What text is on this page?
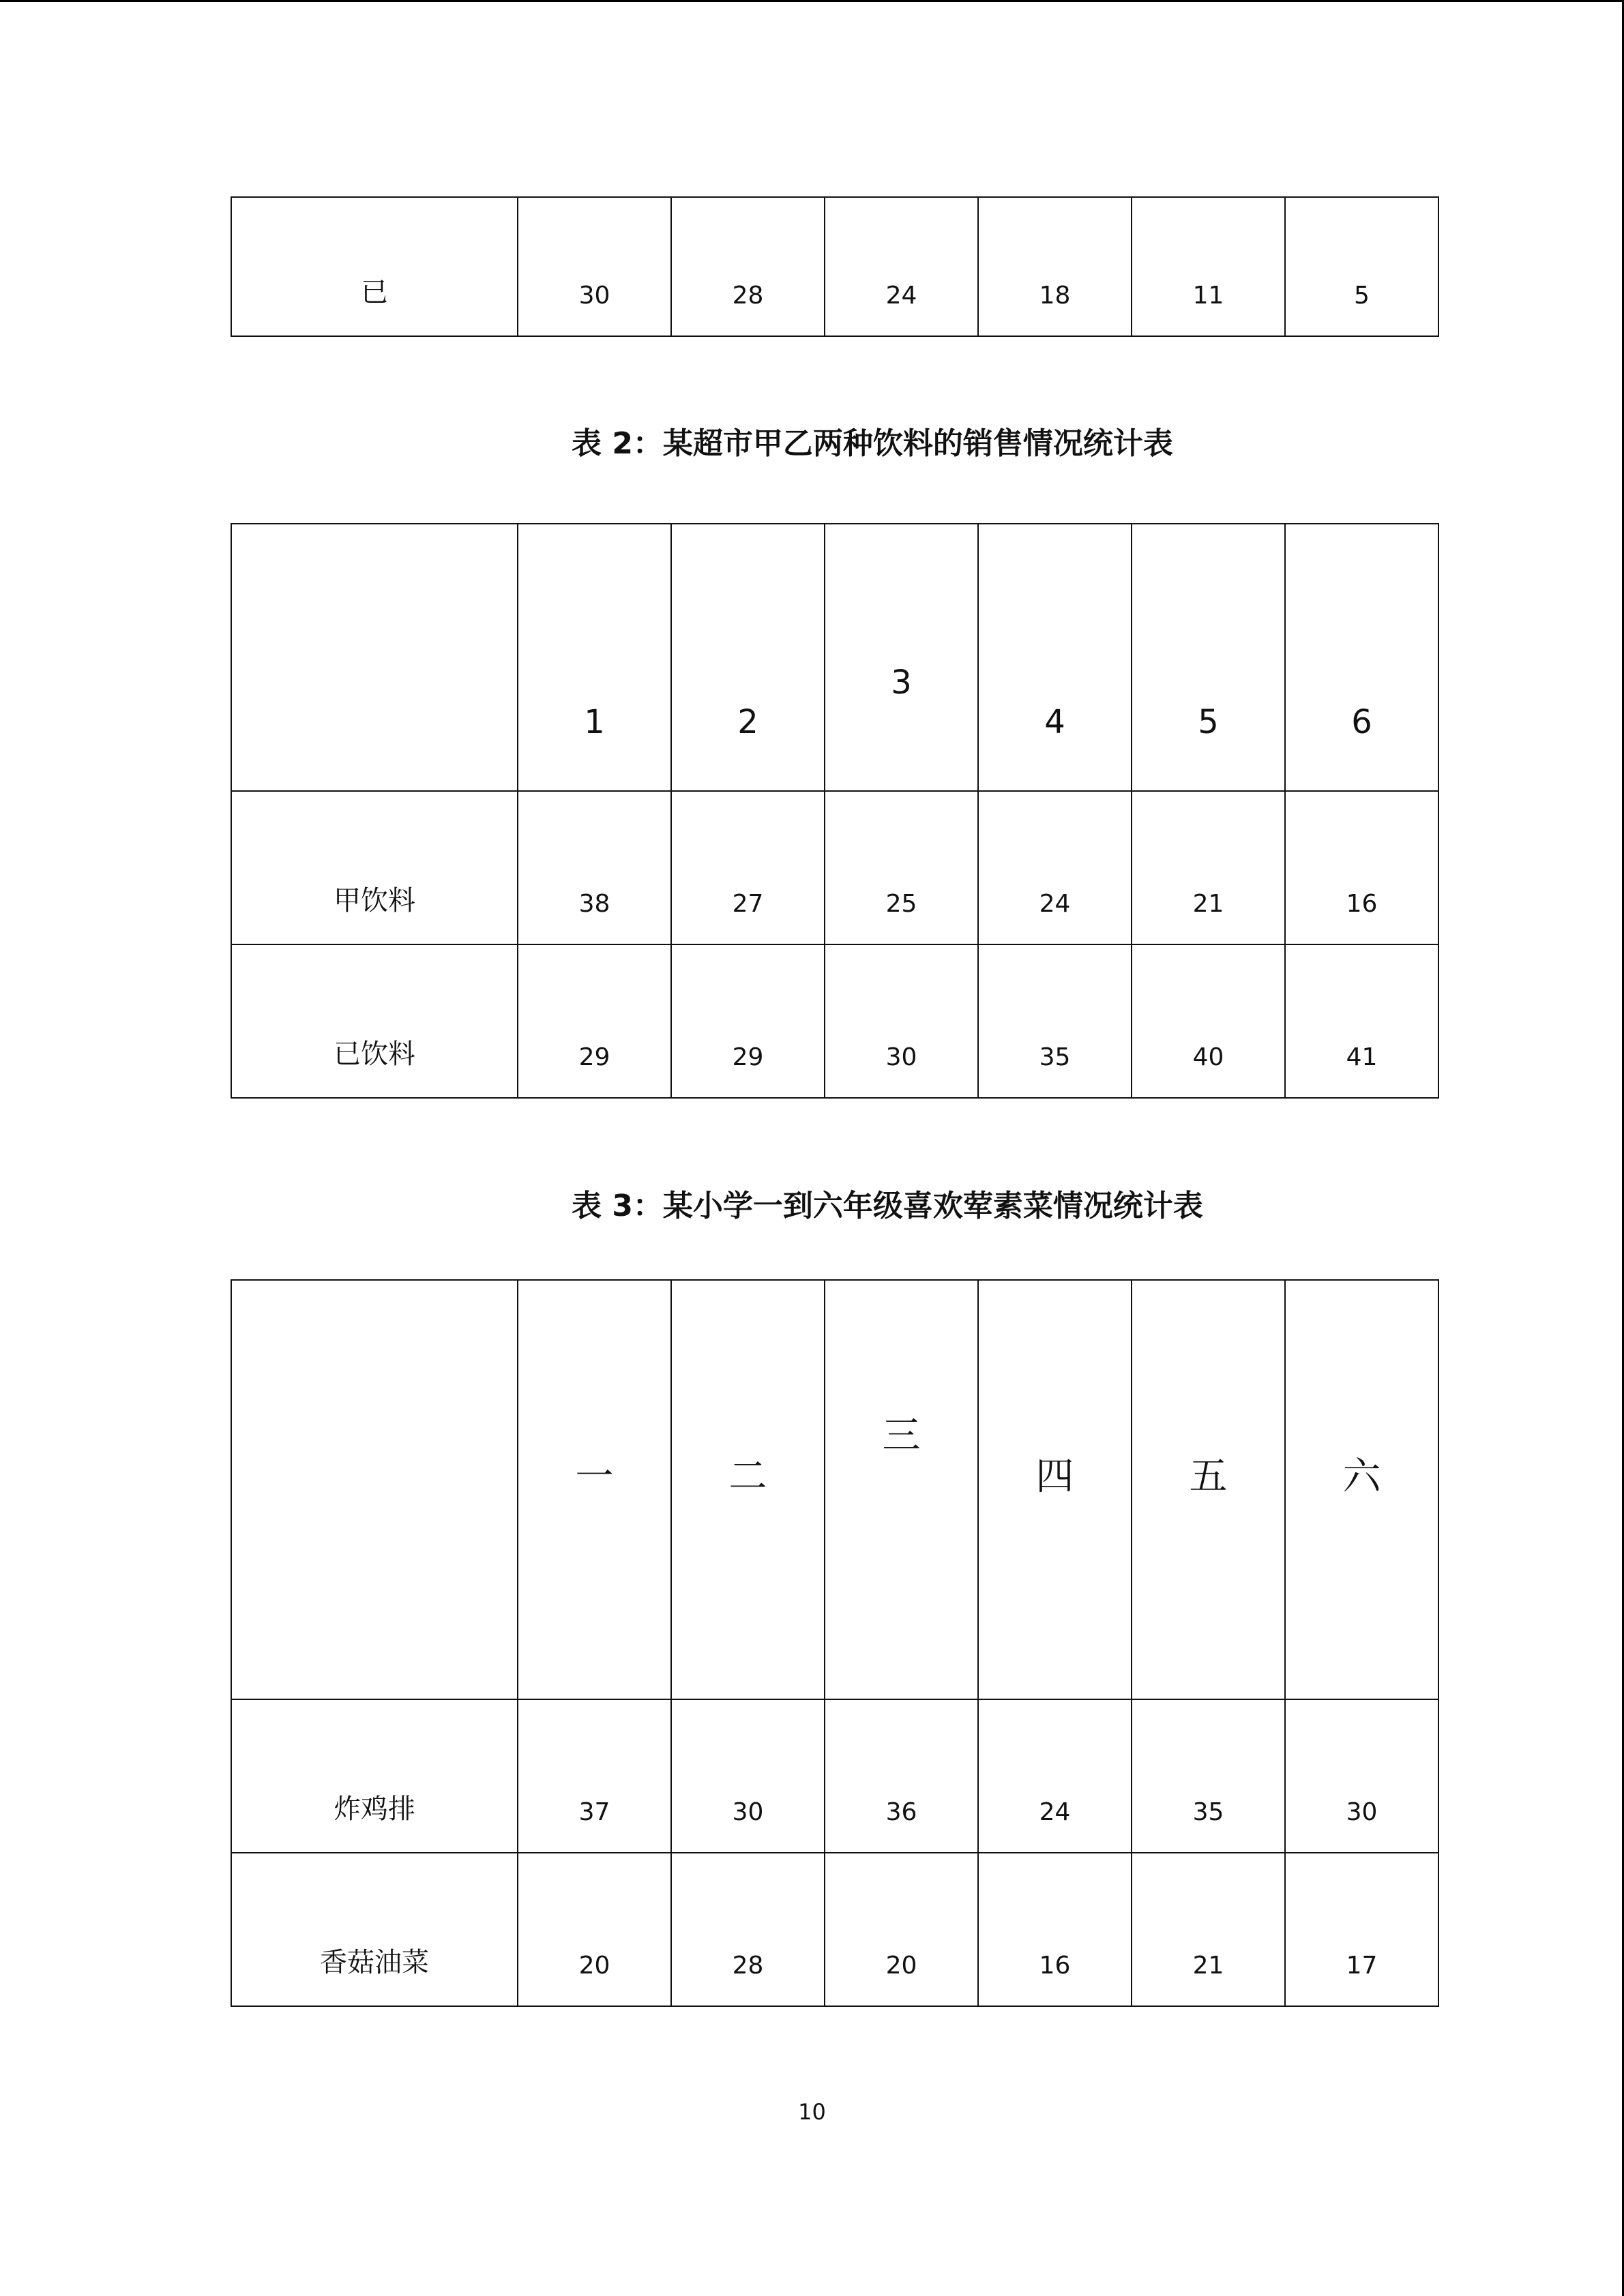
已	30	28	24	18	11	5
表 2：某超市甲乙两种饮料的销售情况统计表

	1	2	3	4	5	6

甲饮料	38	27	25	24	21	16

已饮料	29	29	30	35	40	41
表 3：某小学一到六年级喜欢荤素菜情况统计表

	一	二	三	四	五	六

炸鸡排	37	30	36	24	35	30

香菇油菜	20	28	20	16	21	17
10
